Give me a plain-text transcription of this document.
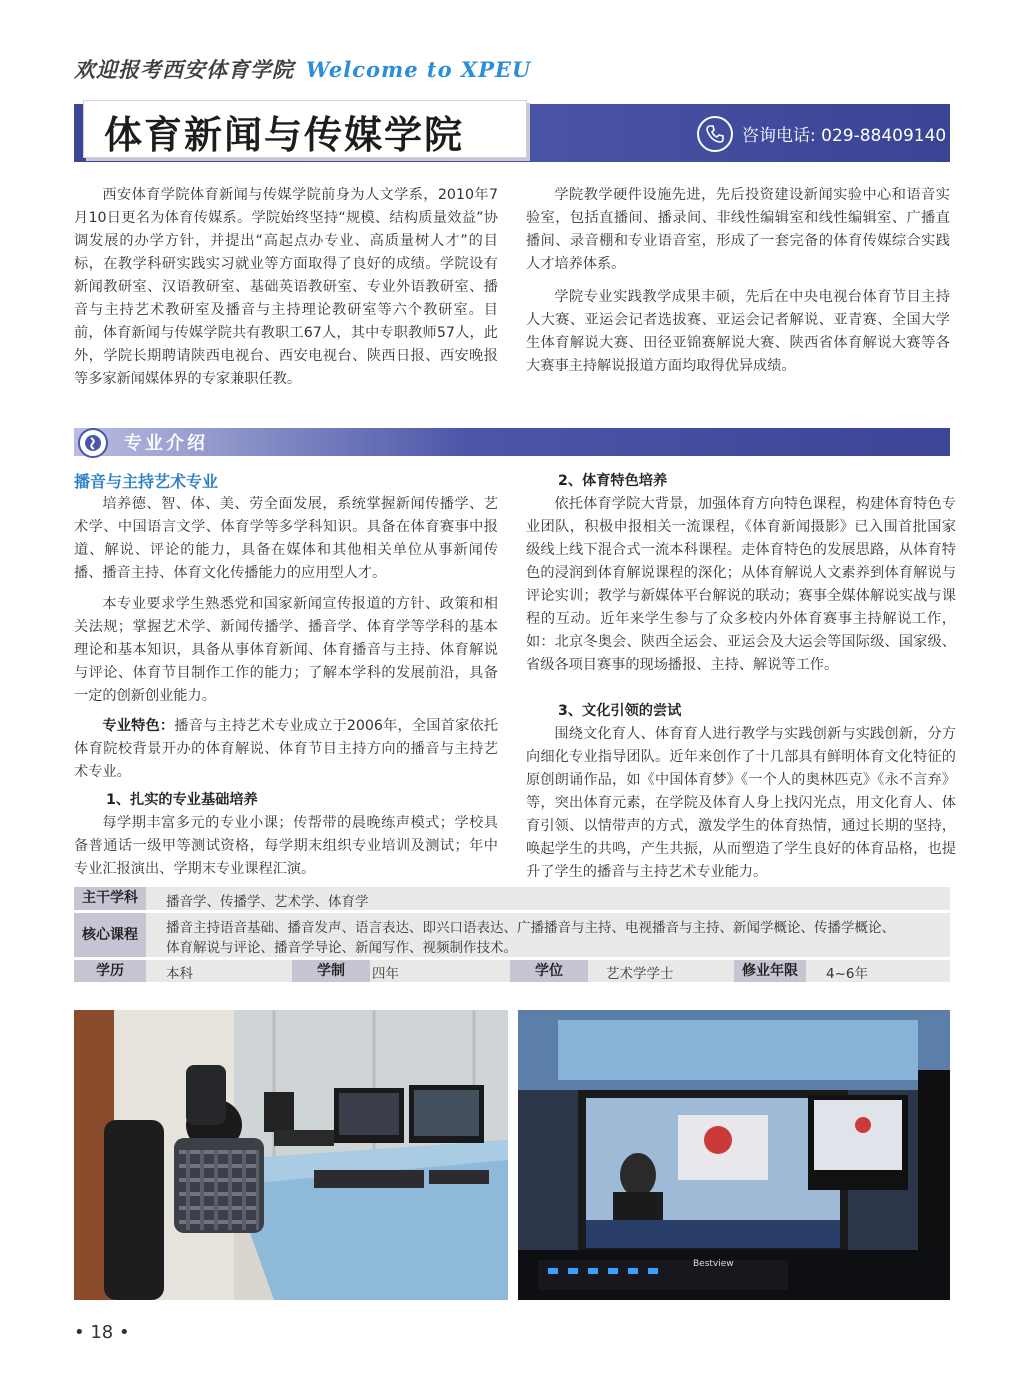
欢迎报考西安体育学院 Welcome to XPEU
体育新闻与传媒学院	咨询电话: 029-88409140

西安体育学院体育新闻与传媒学院前身为人文学系，2010年7月10日更名为体育传媒系。学院始终坚持“规模、结构质量效益”协调发展的办学方针，并提出“高起点办专业、高质量树人才”的目标，在教学科研实践实习就业等方面取得了良好的成绩。学院设有新闻教研室、汉语教研室、基础英语教研室、专业外语教研室、播音与主持艺术教研室及播音与主持理论教研室等六个教研室。目前，体育新闻与传媒学院共有教职工67人，其中专职教师57人，此外，学院长期聘请陕西电视台、西安电视台、陕西日报、西安晚报等多家新闻媒体界的专家兼职任教。

学院教学硬件设施先进，先后投资建设新闻实验中心和语音实验室，包括直播间、播录间、非线性编辑室和线性编辑室、广播直播间、录音棚和专业语音室，形成了一套完备的体育传媒综合实践人才培养体系。

学院专业实践教学成果丰硕，先后在中央电视台体育节目主持人大赛、亚运会记者选拔赛、亚运会记者解说、亚青赛、全国大学生体育解说大赛、田径亚锦赛解说大赛、陕西省体育解说大赛等各大赛事主持解说报道方面均取得优异成绩。

专业介绍
播音与主持艺术专业

培养德、智、体、美、劳全面发展，系统掌握新闻传播学、艺术学、中国语言文学、体育学等多学科知识。具备在体育赛事中报道、解说、评论的能力，具备在媒体和其他相关单位从事新闻传播、播音主持、体育文化传播能力的应用型人才。

本专业要求学生熟悉党和国家新闻宣传报道的方针、政策和相关法规；掌握艺术学、新闻传播学、播音学、体育学等学科的基本理论和基本知识，具备从事体育新闻、体育播音与主持、体育解说与评论、体育节目制作工作的能力；了解本学科的发展前沿，具备一定的创新创业能力。

专业特色：播音与主持艺术专业成立于2006年，全国首家依托体育院校背景开办的体育解说、体育节目主持方向的播音与主持艺术专业。

1、扎实的专业基础培养

每学期丰富多元的专业小课；传帮带的晨晚练声模式；学校具备普通话一级甲等测试资格，每学期末组织专业培训及测试；年中专业汇报演出、学期末专业课程汇演。

2、体育特色培养

依托体育学院大背景，加强体育方向特色课程，构建体育特色专业团队，积极申报相关一流课程，《体育新闻摄影》已入围首批国家级线上线下混合式一流本科课程。走体育特色的发展思路，从体育特色的浸润到体育解说课程的深化；从体育解说人文素养到体育解说与评论实训；教学与新媒体平台解说的联动；赛事全媒体解说实战与课程的互动。近年来学生参与了众多校内外体育赛事主持解说工作，如：北京冬奥会、陕西全运会、亚运会及大运会等国际级、国家级、省级各项目赛事的现场播报、主持、解说等工作。

3、文化引领的尝试

围绕文化育人、体育育人进行教学与实践创新与实践创新，分方向细化专业指导团队。近年来创作了十几部具有鲜明体育文化特征的原创朗诵作品，如《中国体育梦》《一个人的奥林匹克》《永不言弃》等，突出体育元素，在学院及体育人身上找闪光点，用文化育人、体育引领、以情带声的方式，激发学生的体育热情，通过长期的坚持，唤起学生的共鸣，产生共振，从而塑造了学生良好的体育品格，也提升了学生的播音与主持艺术专业能力。

主干学科	播音学、传播学、艺术学、体育学
核心课程	播音主持语音基础、播音发声、语言表达、即兴口语表达、广播播音与主持、电视播音与主持、新闻学概论、传播学概论、
体育解说与评论、播音学导论、新闻写作、视频制作技术。
学历	本科	学制	四年	学位	艺术学学士	修业年限	4~6年
Bestview
• 18 •
